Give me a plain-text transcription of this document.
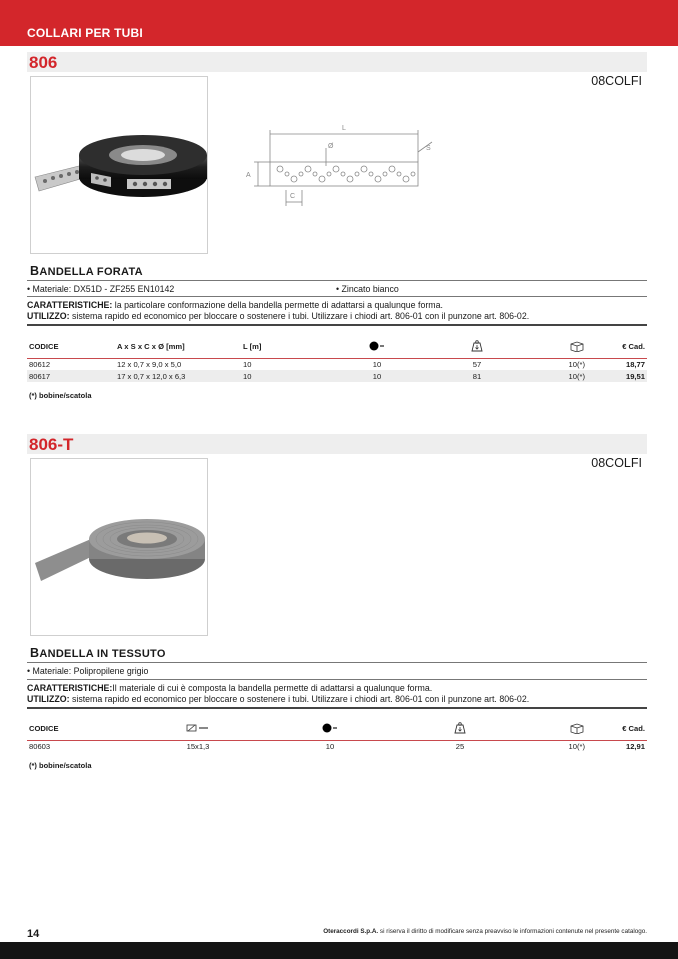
COLLARI PER TUBI
806
08COLFI
L
Ø
A
C
S
BANDELLA FORATA
• Materiale: DX51D - ZF255 EN10142	• Zincato bianco
CARATTERISTICHE: la particolare conformazione della bandella permette di adattarsi a qualunque forma.
UTILIZZO: sistema rapido ed economico per bloccare o sostenere i tubi. Utilizzare i chiodi art. 806-01 con il punzone art. 806-02.
CODICE	A x S x C x Ø [mm]	L [m]				€ Cad.
80612	12 x 0,7 x 9,0 x 5,0	10	10	57	10(*)	18,77
80617	17 x 0,7 x 12,0 x 6,3	10	10	81	10(*)	19,51
(*) bobine/scatola
806-T
08COLFI
BANDELLA IN TESSUTO
• Materiale: Polipropilene grigio
CARATTERISTICHE:Il materiale di cui è composta la bandella permette di adattarsi a qualunque forma.
UTILIZZO: sistema rapido ed economico per bloccare o sostenere i tubi. Utilizzare i chiodi art. 806-01 con il punzone art. 806-02.
CODICE					€ Cad.
80603	15x1,3	10	25	10(*)	12,91
(*) bobine/scatola
14	Oteraccordi S.p.A. si riserva il diritto di modificare senza preavviso le informazioni contenute nel presente catalogo.
